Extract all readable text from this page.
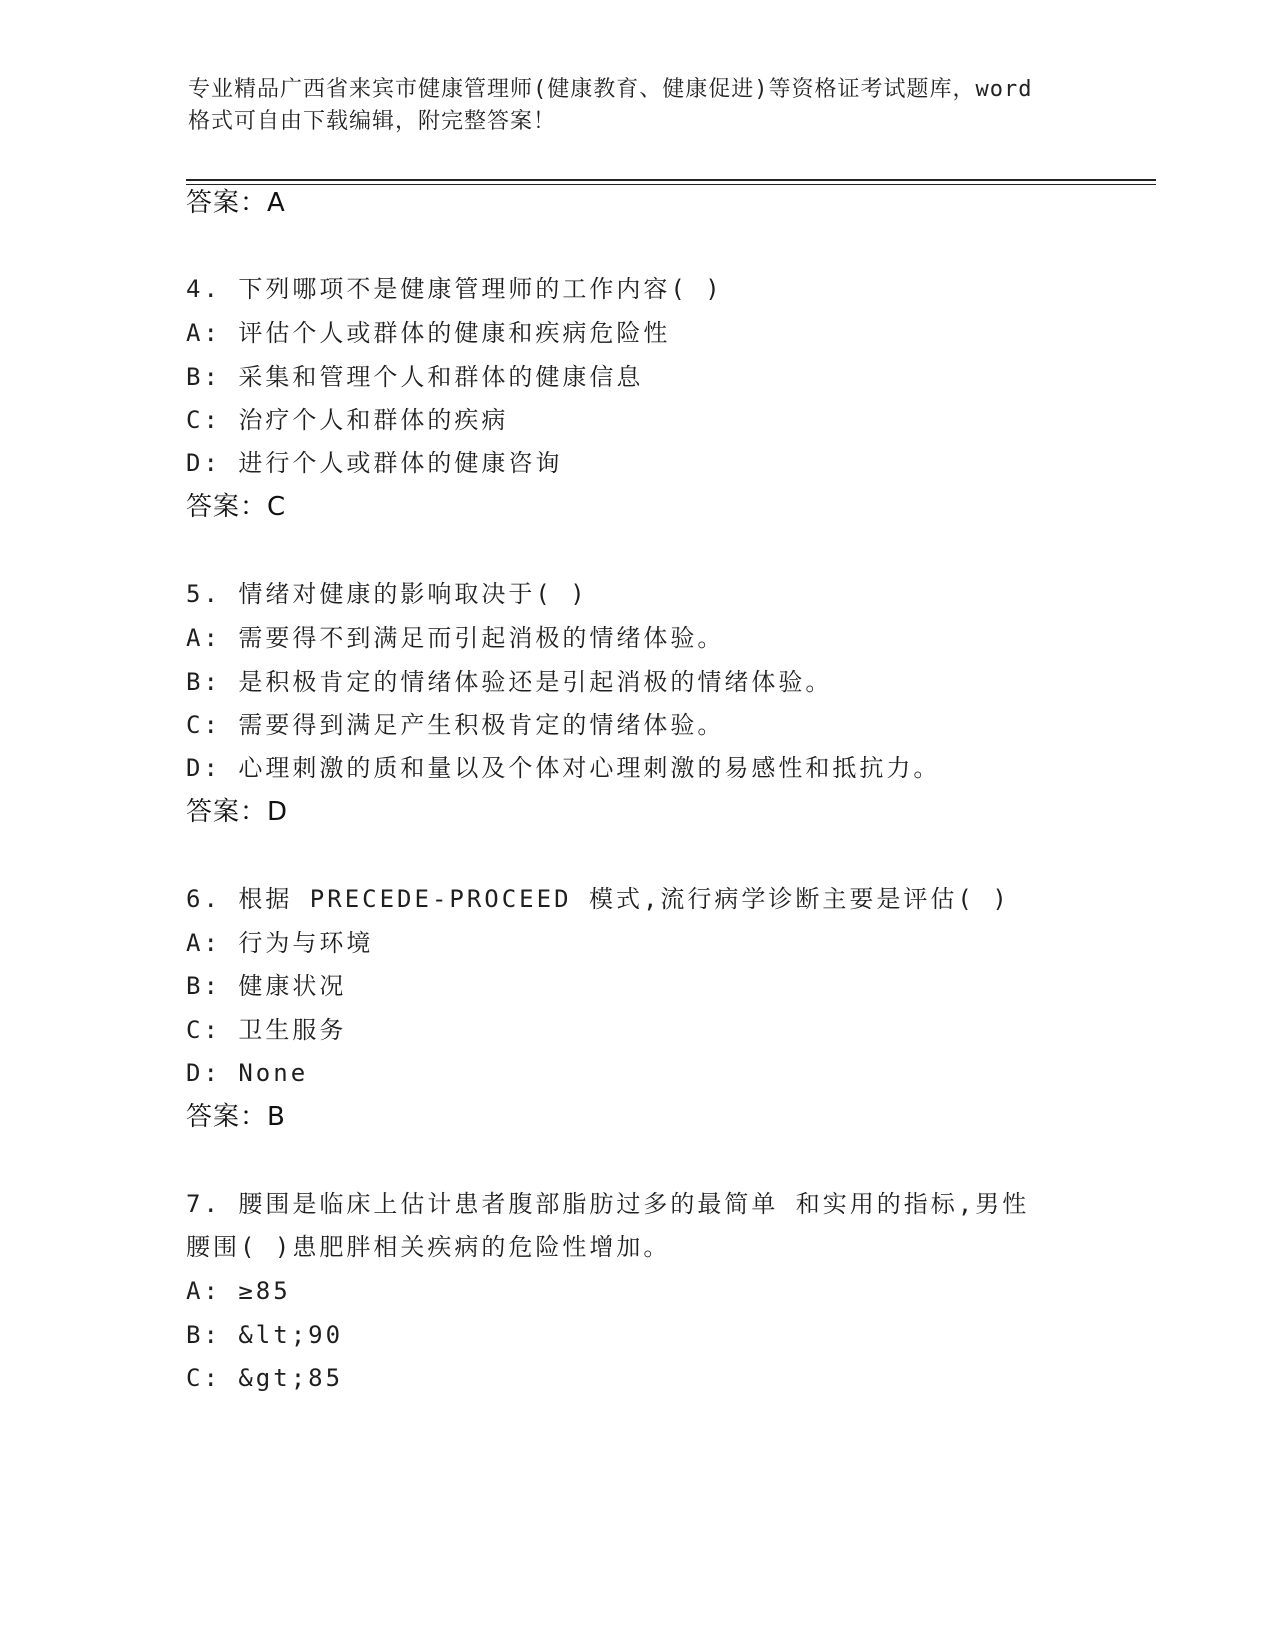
专业精品广西省来宾市健康管理师(健康教育、健康促进)等资格证考试题库，word
格式可自由下载编辑，附完整答案！
答案：A
4. 下列哪项不是健康管理师的工作内容( )
A: 评估个人或群体的健康和疾病危险性
B: 采集和管理个人和群体的健康信息
C: 治疗个人和群体的疾病
D: 进行个人或群体的健康咨询
答案：C
5. 情绪对健康的影响取决于( )
A: 需要得不到满足而引起消极的情绪体验。
B: 是积极肯定的情绪体验还是引起消极的情绪体验。
C: 需要得到满足产生积极肯定的情绪体验。
D: 心理刺激的质和量以及个体对心理刺激的易感性和抵抗力。
答案：D
6. 根据 PRECEDE-PROCEED 模式,流行病学诊断主要是评估( )
A: 行为与环境
B: 健康状况
C: 卫生服务
D: None
答案：B
7. 腰围是临床上估计患者腹部脂肪过多的最简单 和实用的指标,男性
腰围( )患肥胖相关疾病的危险性增加。
A: ≥85
B: &lt;90
C: &gt;85
